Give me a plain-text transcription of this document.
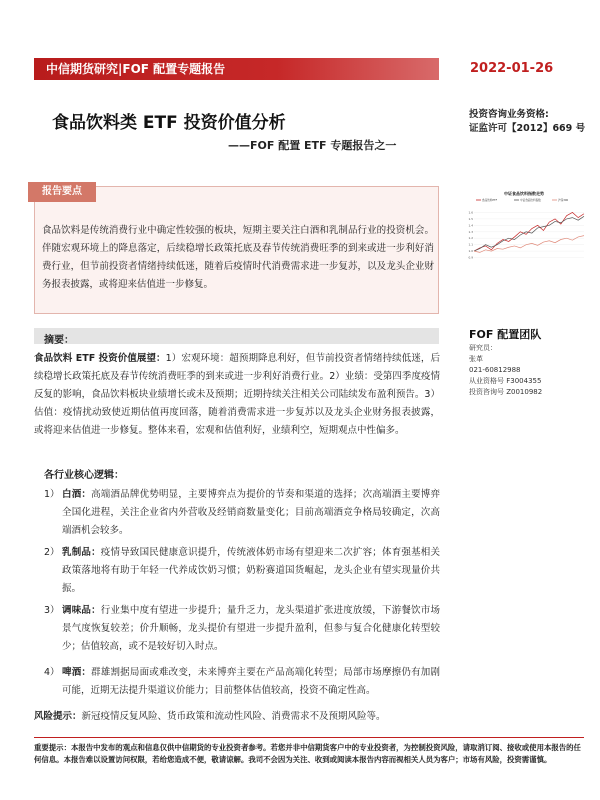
中信期货研究|FOF 配置专题报告	2022-01-26
食品饮料类 ETF 投资价值分析
——FOF 配置 ETF 专题报告之一
投资咨询业务资格:
证监许可【2012】669 号
报告要点
食品饮料是传统消费行业中确定性较强的板块，短期主要关注白酒和乳制品行业的投资机会。伴随宏观环境上的降息落定，后续稳增长政策托底及春节传统消费旺季的到来或进一步利好消费行业，但节前投资者情绪持续低迷，随着后疫情时代消费需求进一步复苏，以及龙头企业财务报表披露，或将迎来估值进一步修复。
中证食品饮料指数走势
食品饮料ETF	中证食品饮料指数	沪深300
1.6
1.5
1.4
1.3
1.2
1.1
1.0
0.9
摘要：	FOF 配置团队
研究员：
张革
021-60812988
从业资格号 F3004355
投资咨询号 Z0010982
食品饮料 ETF 投资价值展望：1）宏观环境：超预期降息利好，但节前投资者情绪持续低迷，后续稳增长政策托底及春节传统消费旺季的到来或进一步利好消费行业。2）业绩：受第四季度疫情反复的影响，食品饮料板块业绩增长或未及预期；近期持续关注相关公司陆续发布盈利预告。3）估值：疫情扰动致使近期估值再度回落，随着消费需求进一步复苏以及龙头企业财务报表披露，或将迎来估值进一步修复。整体来看，宏观和估值利好，业绩利空，短期观点中性偏多。
各行业核心逻辑：
1） 白酒：高端酒品牌优势明显，主要博弈点为提价的节奏和渠道的选择；次高端酒主要博弈全国化进程，关注企业省内外营收及经销商数量变化；目前高端酒竞争格局较确定，次高端酒机会较多。
2） 乳制品：疫情导致国民健康意识提升，传统液体奶市场有望迎来二次扩容；体育强基相关政策落地将有助于年轻一代养成饮奶习惯；奶粉赛道国货崛起，龙头企业有望实现量价共振。
3） 调味品：行业集中度有望进一步提升；量升乏力，龙头渠道扩张进度放缓，下游餐饮市场景气度恢复较差；价升顺畅，龙头提价有望进一步提升盈利，但参与复合化健康化转型较少；估值较高，或不是较好切入时点。
4） 啤酒：群雄割据局面或难改变，未来博弈主要在产品高端化转型；局部市场摩擦仍有加剧可能，近期无法提升渠道议价能力；目前整体估值较高，投资不确定性高。
风险提示：新冠疫情反复风险、货币政策和流动性风险、消费需求不及预期风险等。
重要提示：本报告中发布的观点和信息仅供中信期货的专业投资者参考。若您并非中信期货客户中的专业投资者，为控制投资风险，请取消订阅、接收或使用本报告的任何信息。本报告难以设置访问权限，若给您造成不便，敬请谅解。我司不会因为关注、收到或阅读本报告内容而视相关人员为客户；市场有风险，投资需谨慎。
